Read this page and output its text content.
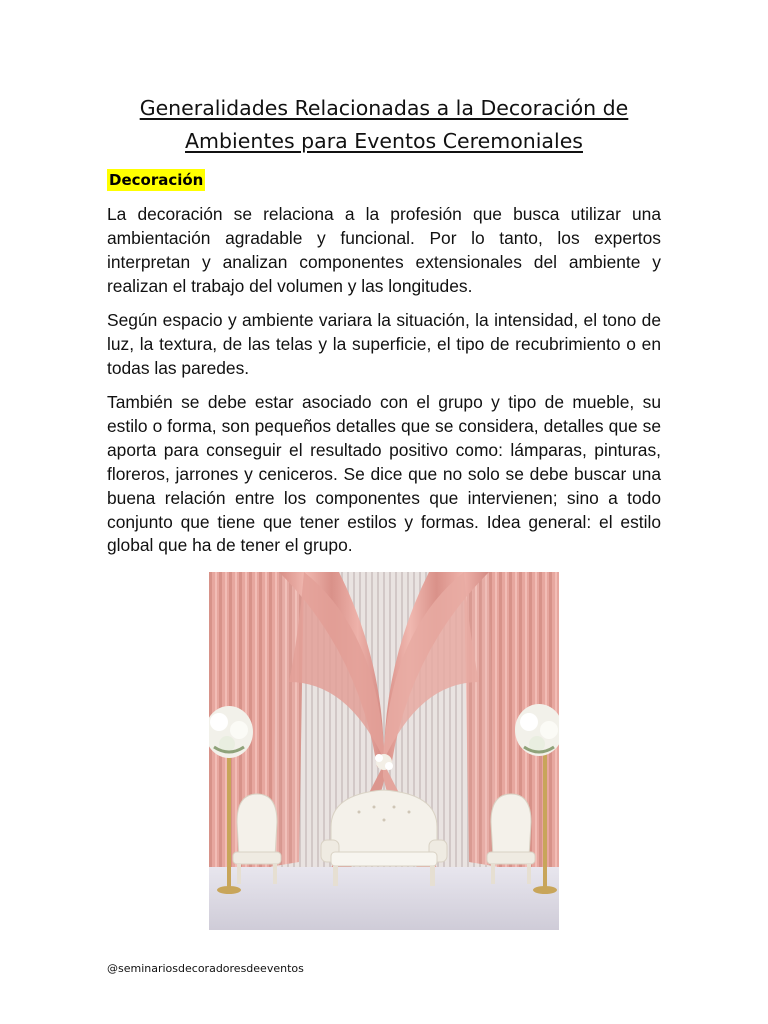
Generalidades Relacionadas a la Decoración de
Ambientes para Eventos Ceremoniales
Decoración

La decoración se relaciona a la profesión que busca utilizar una ambientación agradable y funcional. Por lo tanto, los expertos interpretan y analizan componentes extensionales del ambiente y realizan el trabajo del volumen y las longitudes.

Según espacio y ambiente variara la situación, la intensidad, el tono de luz, la textura, de las telas y la superficie, el tipo de recubrimiento o en todas las paredes.

También se debe estar asociado con el grupo y tipo de mueble, su estilo o forma, son pequeños detalles que se considera, detalles que se aporta para conseguir el resultado positivo como: lámparas, pinturas, floreros, jarrones y ceniceros. Se dice que no solo se debe buscar una buena relación entre los componentes que intervienen; sino a todo conjunto que tiene que tener estilos y formas. Idea general: el estilo global que ha de tener el grupo.

@seminariosdecoradoresdeeventos
